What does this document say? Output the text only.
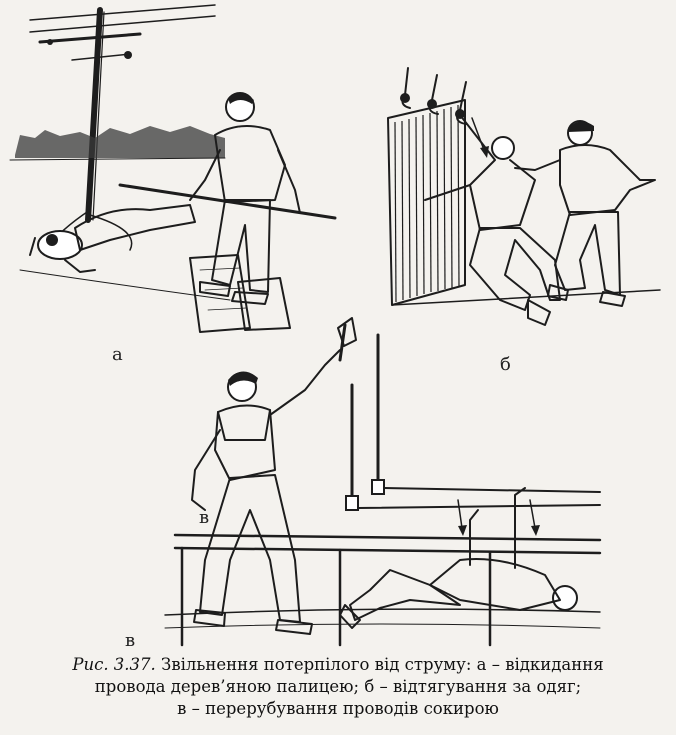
а	б
в
в
Рис. 3.37. Звільнення потерпілого від струму: а – відкидання
провода дерев’яною палицею; б – відтягування за одяг;
в – перерубування проводів сокирою
